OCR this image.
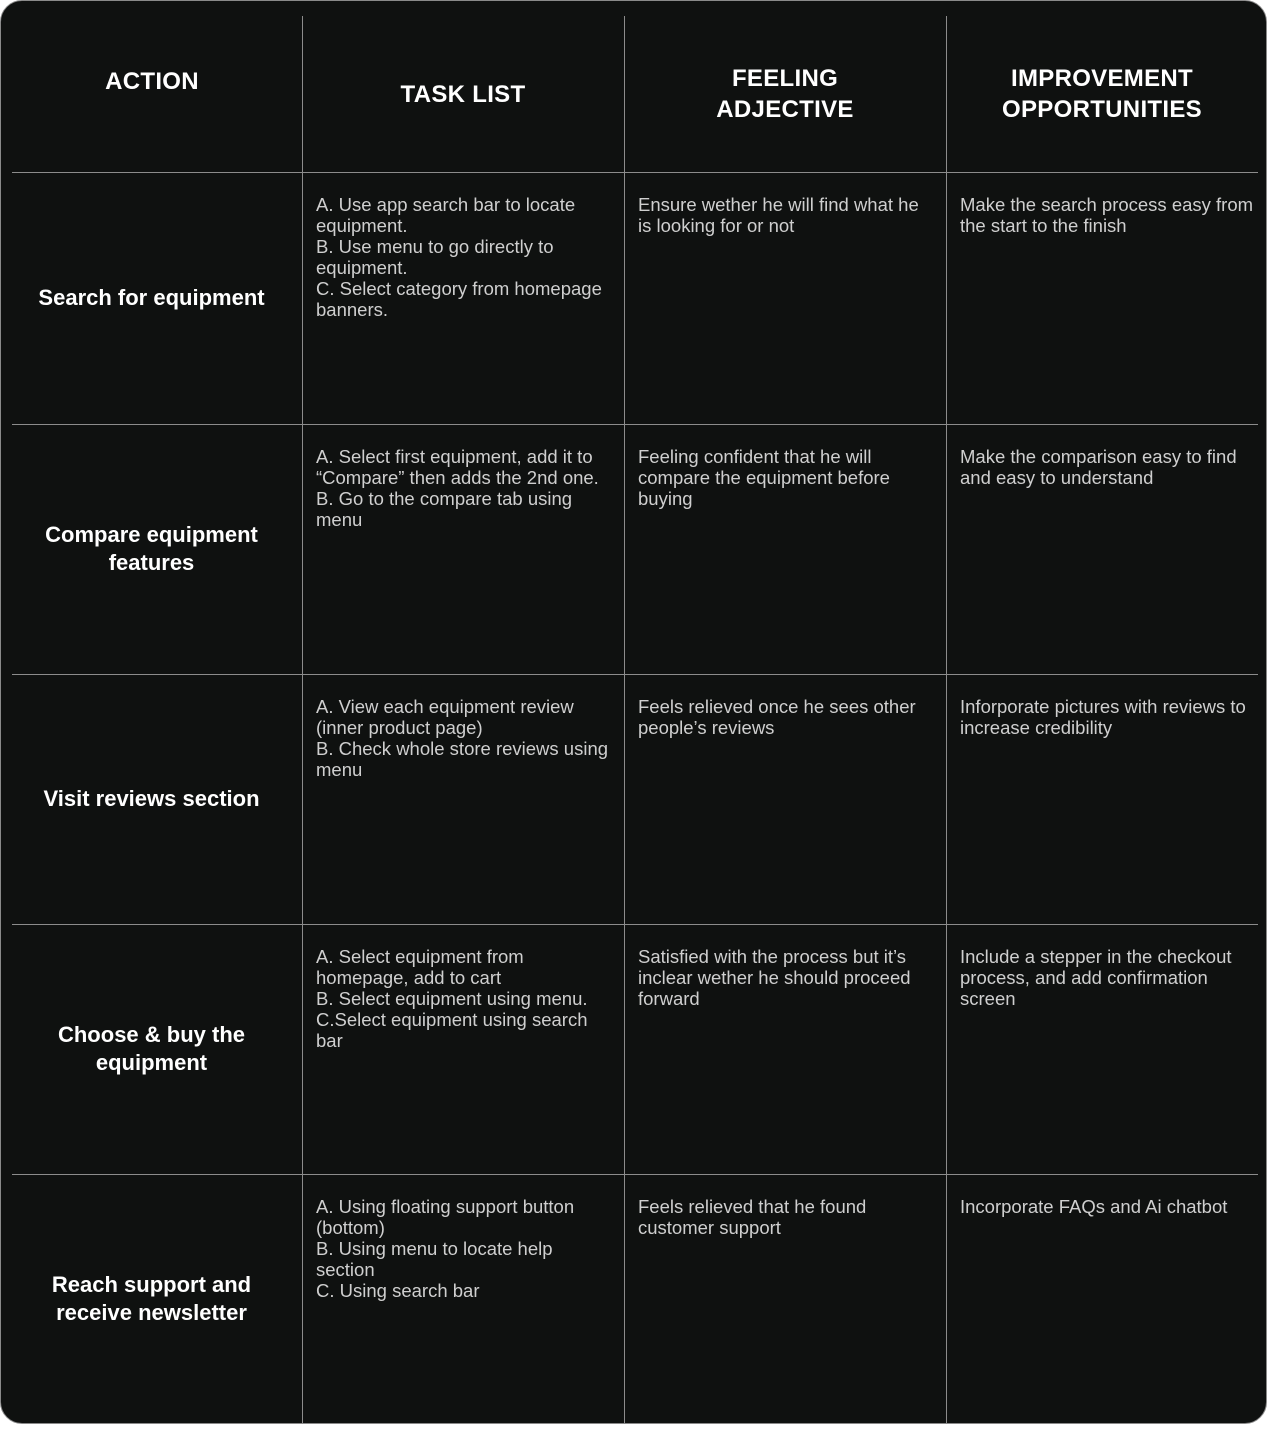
ACTION	TASK LIST
FEELING ADJECTIVE
IMPROVEMENT OPPORTUNITIES
Search for equipment
A. Use app search bar to locate equipment.
B. Use menu to go directly to equipment.
C. Select category from homepage banners.
Ensure wether he will find what he is looking for or not
Make the search process easy from the start to the finish
Compare equipment features
A. Select first equipment, add it to “Compare” then adds the 2nd one.
B. Go to the compare tab using menu
Feeling confident that he will compare the equipment before buying
Make the comparison easy to find and easy to understand
Visit reviews section
A. View each equipment review (inner product page)
B. Check whole store reviews using menu
Feels relieved once he sees other people’s reviews
Inforporate pictures with reviews to increase credibility
Choose & buy the equipment
A. Select equipment from homepage, add to cart
B. Select equipment using menu.
C.Select equipment using search bar
Satisfied with the process but it’s inclear wether he should proceed forward
Include a stepper in the checkout process, and add confirmation screen
Reach support and receive newsletter
A. Using floating support button (bottom)
B. Using menu to locate help section
C. Using search bar
Feels relieved that he found customer support
Incorporate FAQs and Ai chatbot
